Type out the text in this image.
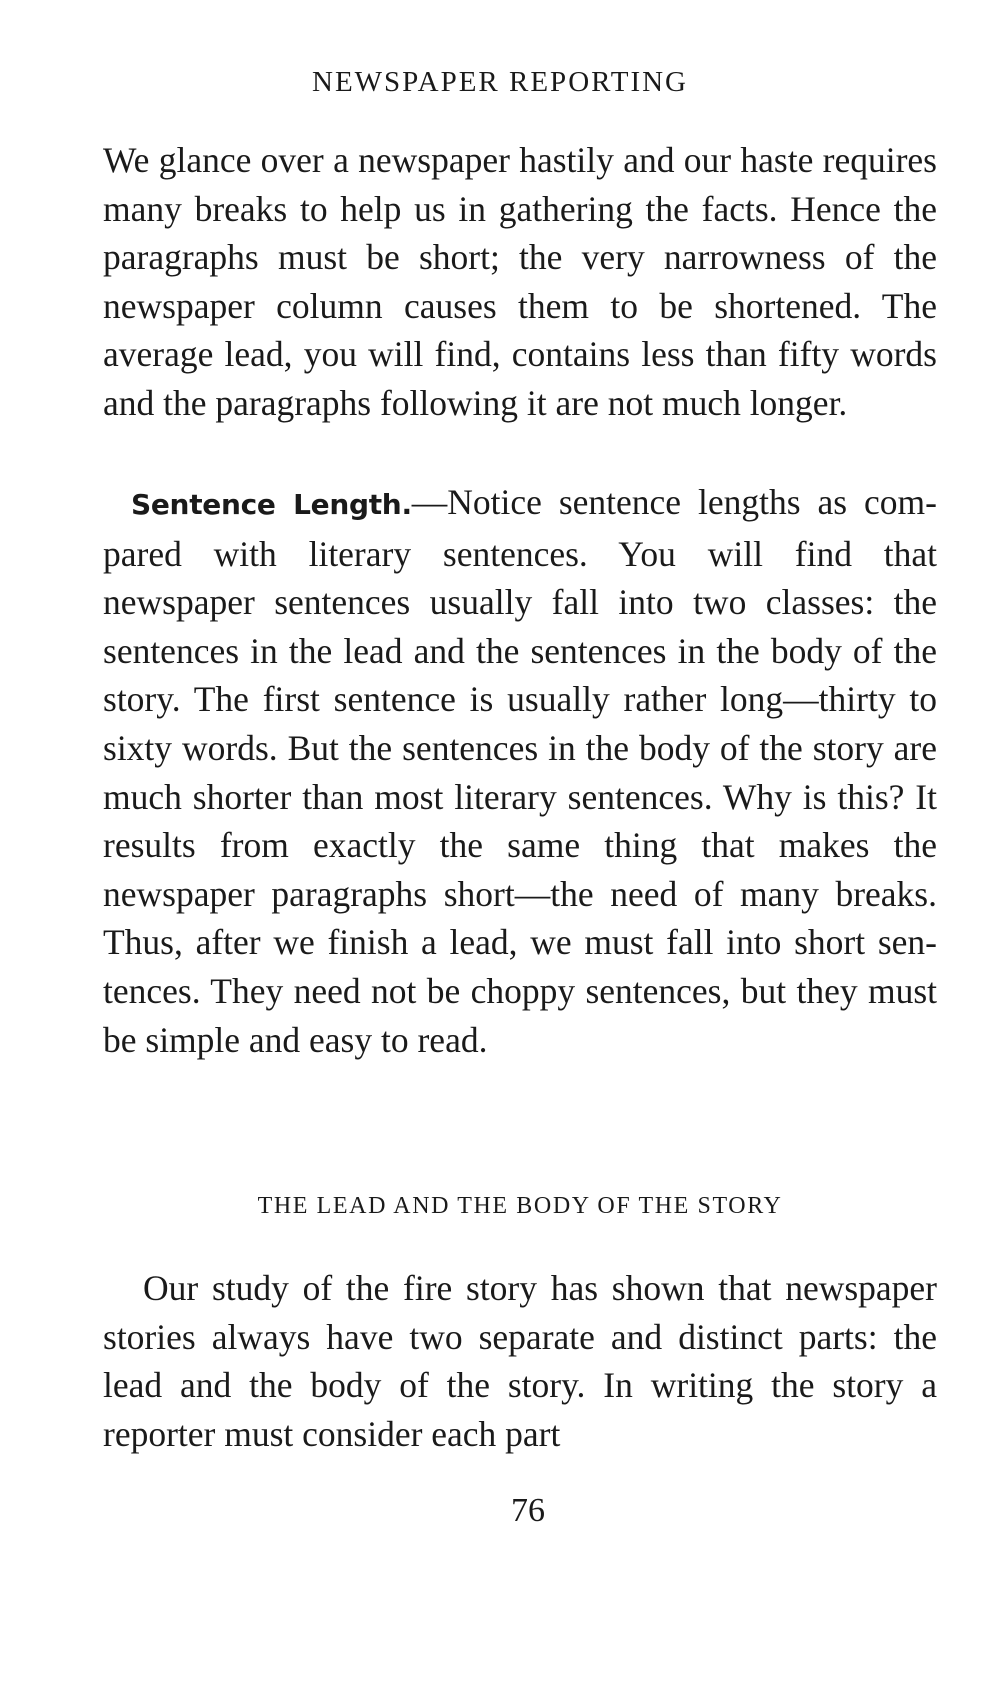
NEWSPAPER REPORTING

We glance over a newspaper hastily and our haste requires many breaks to help us in gathering the facts. Hence the paragraphs must be short; the very narrowness of the newspaper column causes them to be shortened. The average lead, you will find, contains less than fifty words and the paragraphs following it are not much longer.

Sentence Length.—Notice sentence lengths as compared with literary sentences. You will find that newspaper sentences usually fall into two classes: the sentences in the lead and the sentences in the body of the story. The first sentence is usually rather long—thirty to sixty words. But the sentences in the body of the story are much shorter than most literary sentences. Why is this? It results from exactly the same thing that makes the newspaper paragraphs short—the need of many breaks. Thus, after we finish a lead, we must fall into short sentences. They need not be choppy sentences, but they must be simple and easy to read.

THE LEAD AND THE BODY OF THE STORY

Our study of the fire story has shown that newspaper stories always have two separate and distinct parts: the lead and the body of the story. In writing the story a reporter must consider each part

76
